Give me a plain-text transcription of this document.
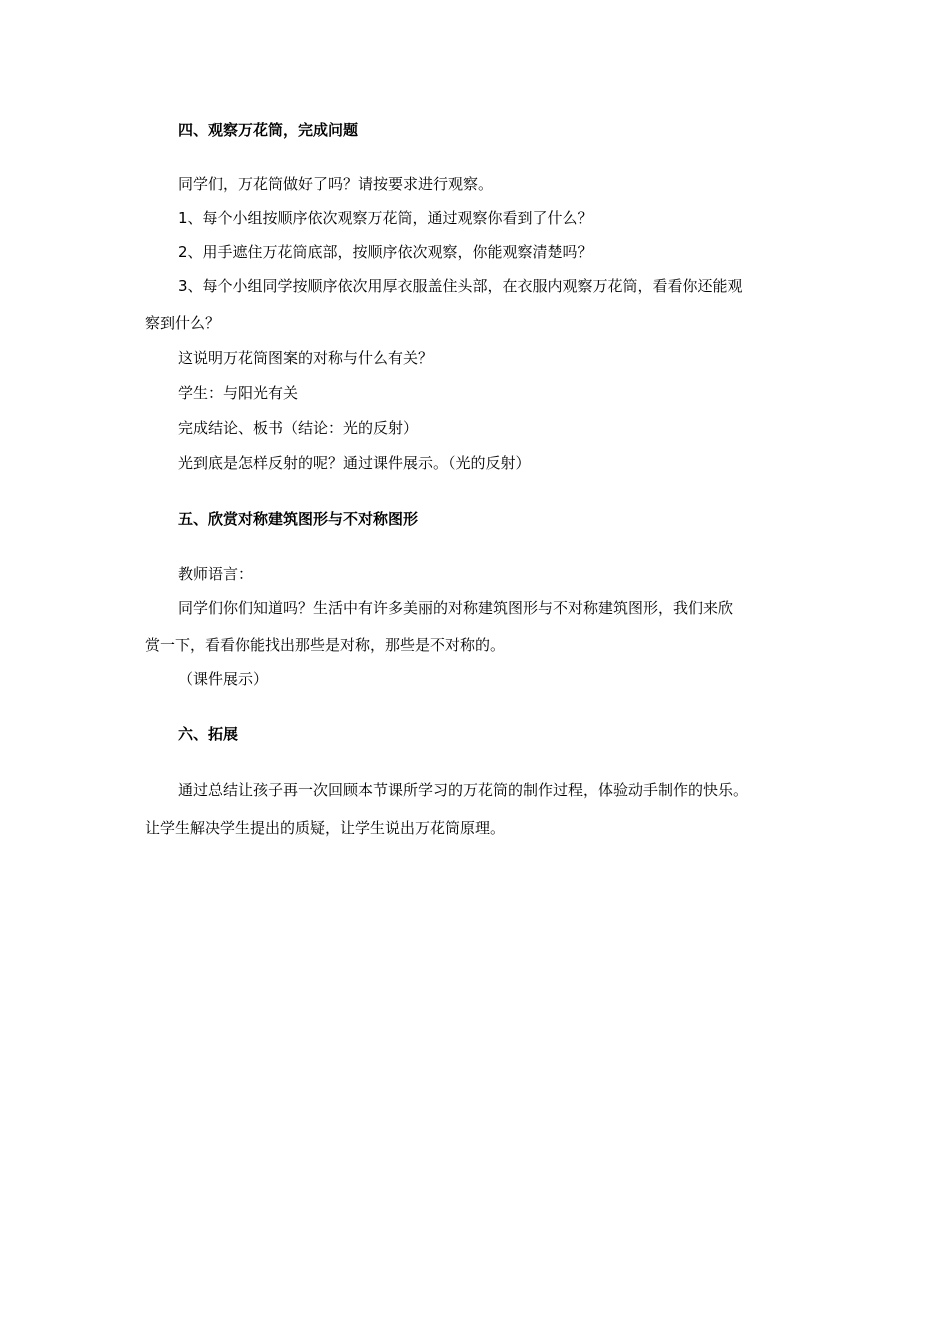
四、观察万花筒，完成问题
同学们，万花筒做好了吗？请按要求进行观察。
1、每个小组按顺序依次观察万花筒，通过观察你看到了什么？
2、用手遮住万花筒底部，按顺序依次观察，你能观察清楚吗？
3、每个小组同学按顺序依次用厚衣服盖住头部，在衣服内观察万花筒，看看你还能观
察到什么？
这说明万花筒图案的对称与什么有关？
学生：与阳光有关
完成结论、板书（结论：光的反射）
光到底是怎样反射的呢？通过课件展示。（光的反射）
五、欣赏对称建筑图形与不对称图形
教师语言：
同学们你们知道吗？生活中有许多美丽的对称建筑图形与不对称建筑图形，我们来欣
赏一下，看看你能找出那些是对称，那些是不对称的。
（课件展示）
六、拓展
通过总结让孩子再一次回顾本节课所学习的万花筒的制作过程，体验动手制作的快乐。
让学生解决学生提出的质疑，让学生说出万花筒原理。
